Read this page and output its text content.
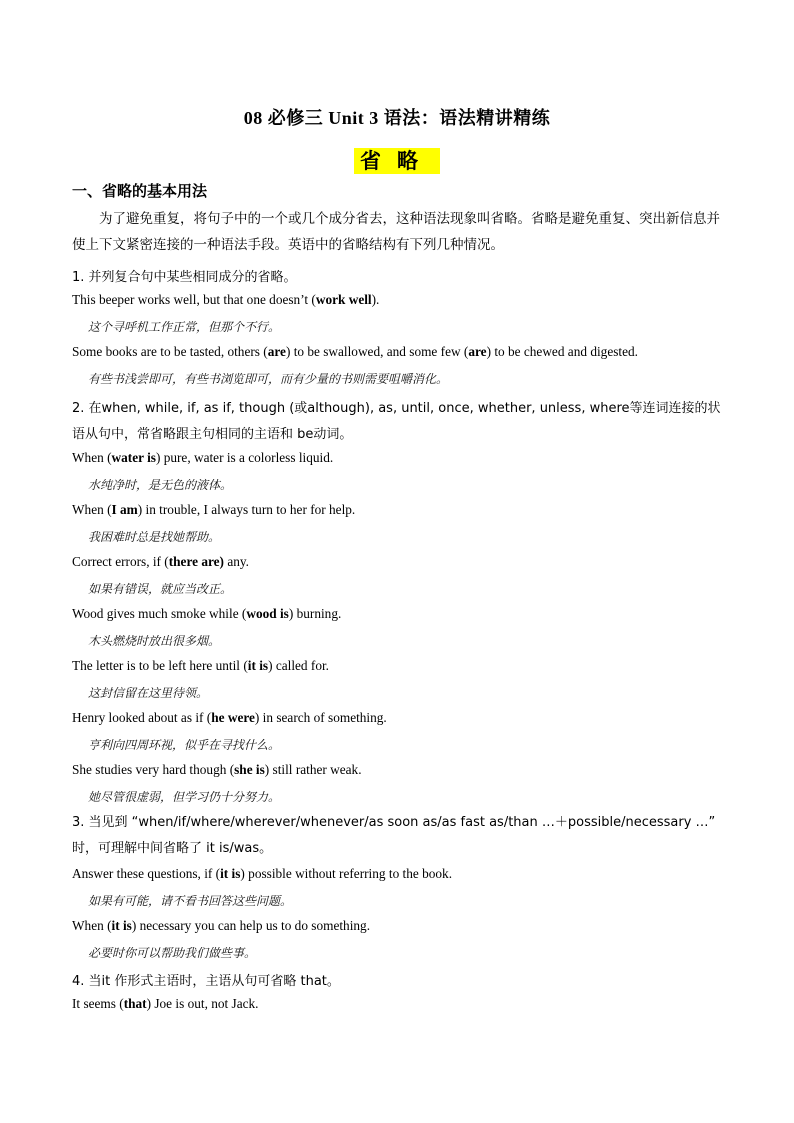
08 必修三 Unit 3 语法：语法精讲精练
省略
一、省略的基本用法
为了避免重复，将句子中的一个或几个成分省去，这种语法现象叫省略。省略是避免重复、突出新信息并使上下文紧密连接的一种语法手段。英语中的省略结构有下列几种情况。
1. 并列复合句中某些相同成分的省略。
This beeper works well, but that one doesn’t (work well).
这个寻呼机工作正常，但那个不行。
Some books are to be tasted, others (are) to be swallowed, and some few (are) to be chewed and digested.
有些书浅尝即可，有些书浏览即可，而有少量的书则需要咀嚼消化。
2. 在when, while, if, as if, though (或although), as, until, once, whether, unless, where等连词连接的状语从句中，常省略跟主句相同的主语和 be动词。
When (water is) pure, water is a colorless liquid.
水纯净时，是无色的液体。
When (I am) in trouble, I always turn to her for help.
我困难时总是找她帮助。
Correct errors, if (there are) any.
如果有错误，就应当改正。
Wood gives much smoke while (wood is) burning.
木头燃烧时放出很多烟。
The letter is to be left here until (it is) called for.
这封信留在这里待领。
Henry looked about as if (he were) in search of something.
亨利向四周环视，似乎在寻找什么。
She studies very hard though (she is) still rather weak.
她尽管很虚弱，但学习仍十分努力。
3. 当见到 “when/if/where/wherever/whenever/as soon as/as fast as/than …＋possible/necessary …” 时，可理解中间省略了 it is/was。
Answer these questions, if (it is) possible without referring to the book.
如果有可能，请不看书回答这些问题。
When (it is) necessary you can help us to do something.
必要时你可以帮助我们做些事。
4. 当it 作形式主语时，主语从句可省略 that。
It seems (that) Joe is out, not Jack.
